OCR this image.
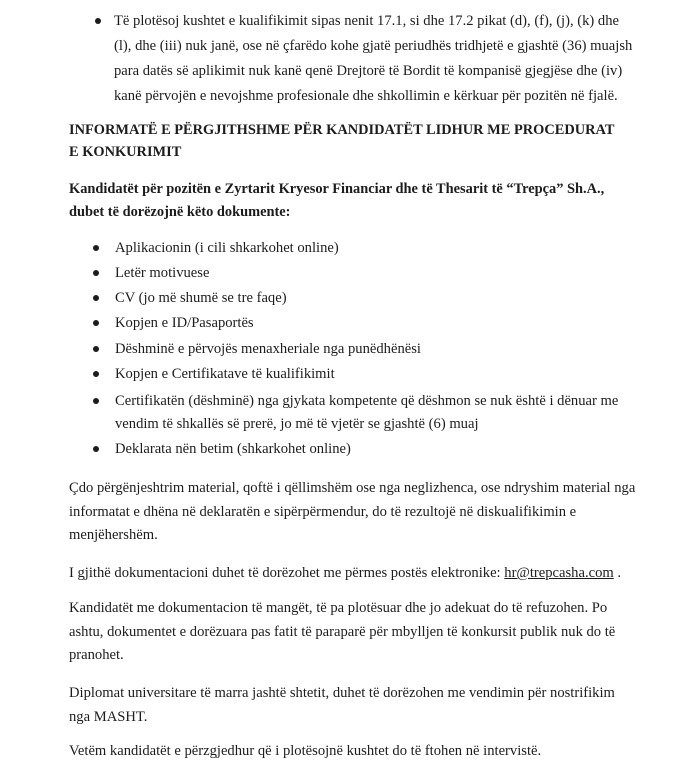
Të plotësoj kushtet e kualifikimit sipas nenit 17.1, si dhe 17.2 pikat (d), (f), (j), (k) dhe
(l), dhe (iii) nuk janë, ose në çfarëdo kohe gjatë periudhës tridhjetë e gjashtë (36) muajsh
para datës së aplikimit nuk kanë qenë Drejtorë të Bordit të kompanisë gjegjëse dhe (iv)
kanë përvojën e nevojshme profesionale dhe shkollimin e kërkuar për pozitën në fjalë.
INFORMATË E PËRGJITHSHME PËR KANDIDATËT LIDHUR ME PROCEDURAT
E KONKURIMIT
Kandidatët për pozitën e Zyrtarit Kryesor Financiar dhe të Thesarit të “Trepça” Sh.A.,
dubet të dorëzojnë këto dokumente:
Aplikacionin (i cili shkarkohet online)
Letër motivuese
CV (jo më shumë se tre faqe)
Kopjen e ID/Pasaportës
Dëshminë e përvojës menaxheriale nga punëdhënësi
Kopjen e Certifikatave të kualifikimit
Certifikatën (dëshminë) nga gjykata kompetente që dëshmon se nuk është i dënuar me
vendim të shkallës së prerë, jo më të vjetër se gjashtë (6) muaj
Deklarata nën betim (shkarkohet online)
Çdo përgënjeshtrim material, qoftë i qëllimshëm ose nga neglizhenca, ose ndryshim material nga
informatat e dhëna në deklaratën e sipërpërmendur, do të rezultojë në diskualifikimin e
menjëhershëm.
I gjithë dokumentacioni duhet të dorëzohet me përmes postës elektronike: hr@trepcasha.com .
Kandidatët me dokumentacion të mangët, të pa plotësuar dhe jo adekuat do të refuzohen. Po
ashtu, dokumentet e dorëzuara pas fatit të paraparë për mbylljen të konkursit publik nuk do të
pranohet.
Diplomat universitare të marra jashtë shtetit, duhet të dorëzohen me vendimin për nostrifikim
nga MASHT.
Vetëm kandidatët e përzgjedhur që i plotësojnë kushtet do të ftohen në intervistë.
